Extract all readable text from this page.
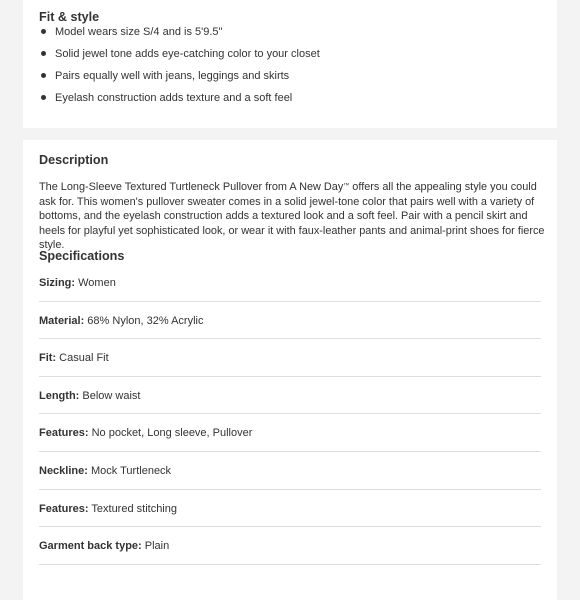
Fit & style
Model wears size S/4 and is 5'9.5"
Solid jewel tone adds eye-catching color to your closet
Pairs equally well with jeans, leggings and skirts
Eyelash construction adds texture and a soft feel
Description

The Long-Sleeve Textured Turtleneck Pullover from A New Day™ offers all the appealing style you could ask for. This women's pullover sweater comes in a solid jewel-tone color that pairs well with a variety of bottoms, and the eyelash construction adds a textured look and a soft feel. Pair with a pencil skirt and heels for playful yet sophisticated look, or wear it with faux-leather pants and animal-print shoes for fierce style.

Specifications
Sizing: Women
Material: 68% Nylon, 32% Acrylic
Fit: Casual Fit
Length: Below waist
Features: No pocket, Long sleeve, Pullover
Neckline: Mock Turtleneck
Features: Textured stitching
Garment back type: Plain
